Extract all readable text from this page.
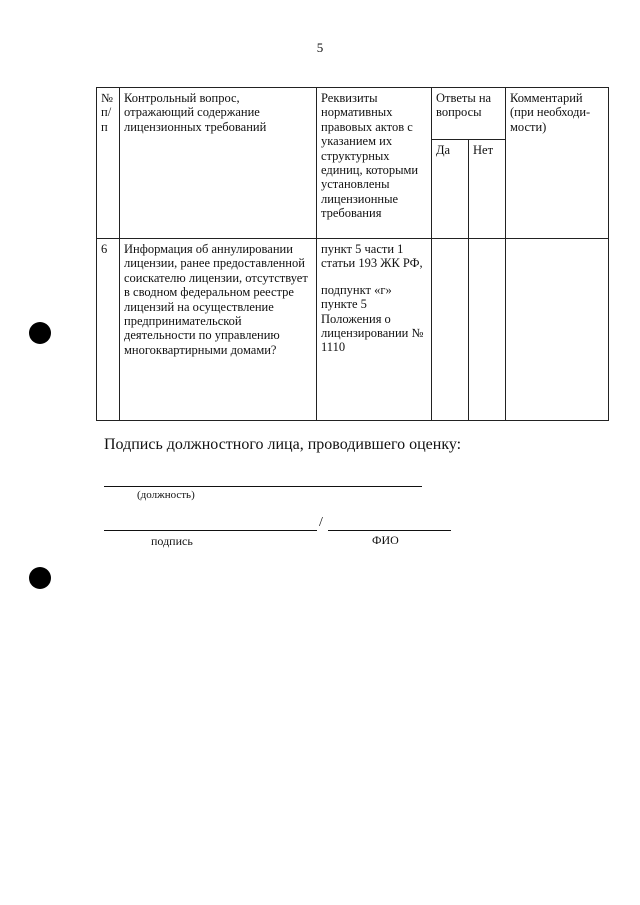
5
№ п/п	Контрольный вопрос, отражающий содержание лицензионных требований	Реквизиты нормативных правовых актов с указанием их структурных единиц, которыми установлены лицензионные требования	Ответы на вопросы		Комментарий (при необходи-мости)
			Да	Нет	
6	Информация об аннулировании лицензии, ранее предоставленной соискателю лицензии, отсутствует в сводном федеральном реестре лицензий на осуществление предпринимательской деятельности по управлению многоквартирными домами?	пункт 5 части 1 статьи 193 ЖК РФ,
подпункт «г» пункте 5 Положения о лицензировании № 1110			
Подпись должностного лица, проводившего оценку:
(должность)
/
подпись	ФИО
